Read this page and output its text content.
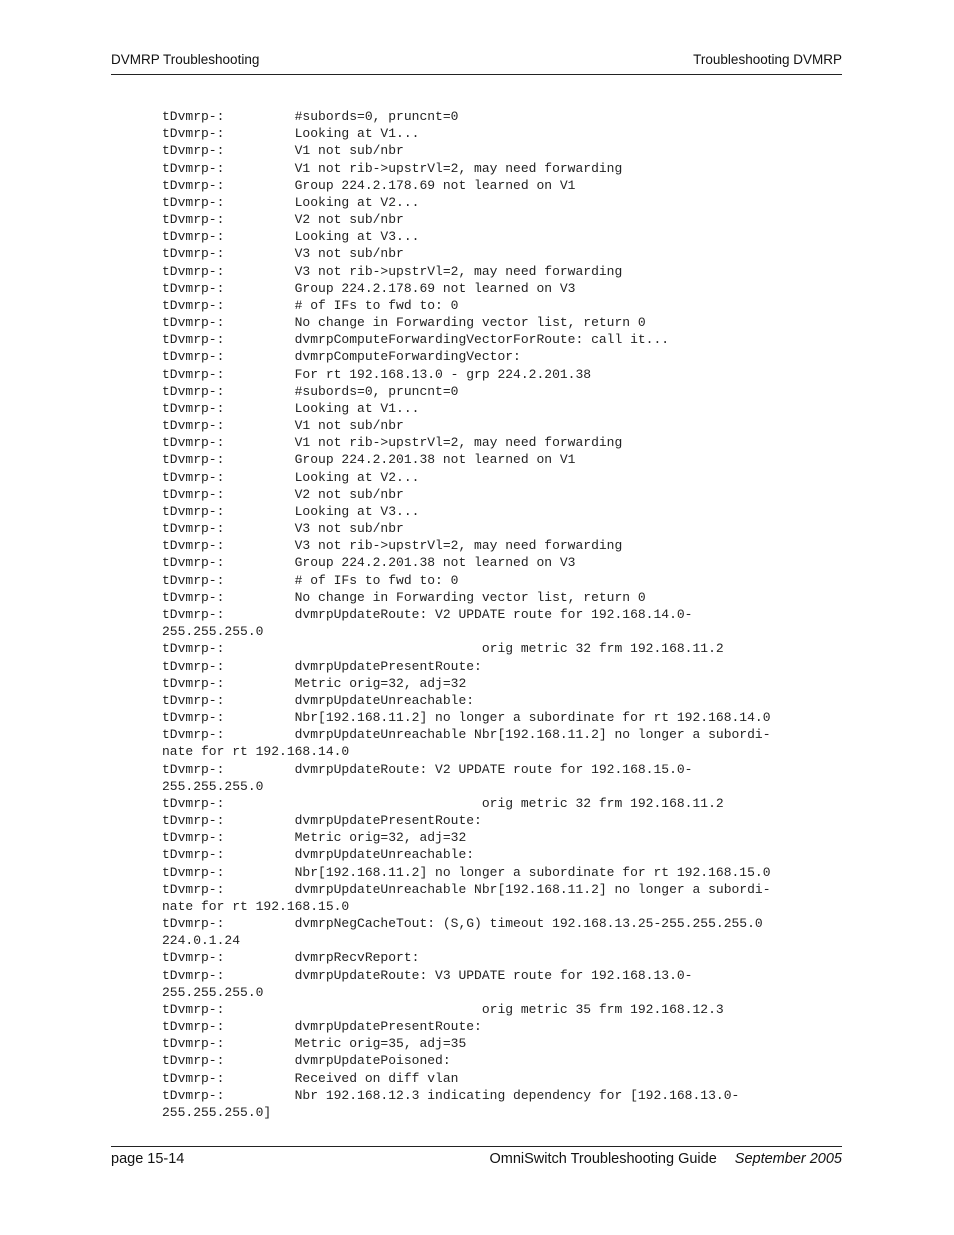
DVMRP Troubleshooting	Troubleshooting DVMRP
tDvmrp-:         #subords=0, pruncnt=0
tDvmrp-:         Looking at V1...
tDvmrp-:         V1 not sub/nbr
tDvmrp-:         V1 not rib->upstrVl=2, may need forwarding
tDvmrp-:         Group 224.2.178.69 not learned on V1
tDvmrp-:         Looking at V2...
tDvmrp-:         V2 not sub/nbr
tDvmrp-:         Looking at V3...
tDvmrp-:         V3 not sub/nbr
tDvmrp-:         V3 not rib->upstrVl=2, may need forwarding
tDvmrp-:         Group 224.2.178.69 not learned on V3
tDvmrp-:         # of IFs to fwd to: 0
tDvmrp-:         No change in Forwarding vector list, return 0
tDvmrp-:         dvmrpComputeForwardingVectorForRoute: call it...
tDvmrp-:         dvmrpComputeForwardingVector:
tDvmrp-:         For rt 192.168.13.0 - grp 224.2.201.38
tDvmrp-:         #subords=0, pruncnt=0
tDvmrp-:         Looking at V1...
tDvmrp-:         V1 not sub/nbr
tDvmrp-:         V1 not rib->upstrVl=2, may need forwarding
tDvmrp-:         Group 224.2.201.38 not learned on V1
tDvmrp-:         Looking at V2...
tDvmrp-:         V2 not sub/nbr
tDvmrp-:         Looking at V3...
tDvmrp-:         V3 not sub/nbr
tDvmrp-:         V3 not rib->upstrVl=2, may need forwarding
tDvmrp-:         Group 224.2.201.38 not learned on V3
tDvmrp-:         # of IFs to fwd to: 0
tDvmrp-:         No change in Forwarding vector list, return 0
tDvmrp-:         dvmrpUpdateRoute: V2 UPDATE route for 192.168.14.0-
255.255.255.0
tDvmrp-:                                 orig metric 32 frm 192.168.11.2
tDvmrp-:         dvmrpUpdatePresentRoute:
tDvmrp-:         Metric orig=32, adj=32
tDvmrp-:         dvmrpUpdateUnreachable:
tDvmrp-:         Nbr[192.168.11.2] no longer a subordinate for rt 192.168.14.0
tDvmrp-:         dvmrpUpdateUnreachable Nbr[192.168.11.2] no longer a subordi-
nate for rt 192.168.14.0
tDvmrp-:         dvmrpUpdateRoute: V2 UPDATE route for 192.168.15.0-
255.255.255.0
tDvmrp-:                                 orig metric 32 frm 192.168.11.2
tDvmrp-:         dvmrpUpdatePresentRoute:
tDvmrp-:         Metric orig=32, adj=32
tDvmrp-:         dvmrpUpdateUnreachable:
tDvmrp-:         Nbr[192.168.11.2] no longer a subordinate for rt 192.168.15.0
tDvmrp-:         dvmrpUpdateUnreachable Nbr[192.168.11.2] no longer a subordi-
nate for rt 192.168.15.0
tDvmrp-:         dvmrpNegCacheTout: (S,G) timeout 192.168.13.25-255.255.255.0
224.0.1.24
tDvmrp-:         dvmrpRecvReport:
tDvmrp-:         dvmrpUpdateRoute: V3 UPDATE route for 192.168.13.0-
255.255.255.0
tDvmrp-:                                 orig metric 35 frm 192.168.12.3
tDvmrp-:         dvmrpUpdatePresentRoute:
tDvmrp-:         Metric orig=35, adj=35
tDvmrp-:         dvmrpUpdatePoisoned:
tDvmrp-:         Received on diff vlan
tDvmrp-:         Nbr 192.168.12.3 indicating dependency for [192.168.13.0-
255.255.255.0]
page 15-14	OmniSwitch Troubleshooting Guide September 2005
